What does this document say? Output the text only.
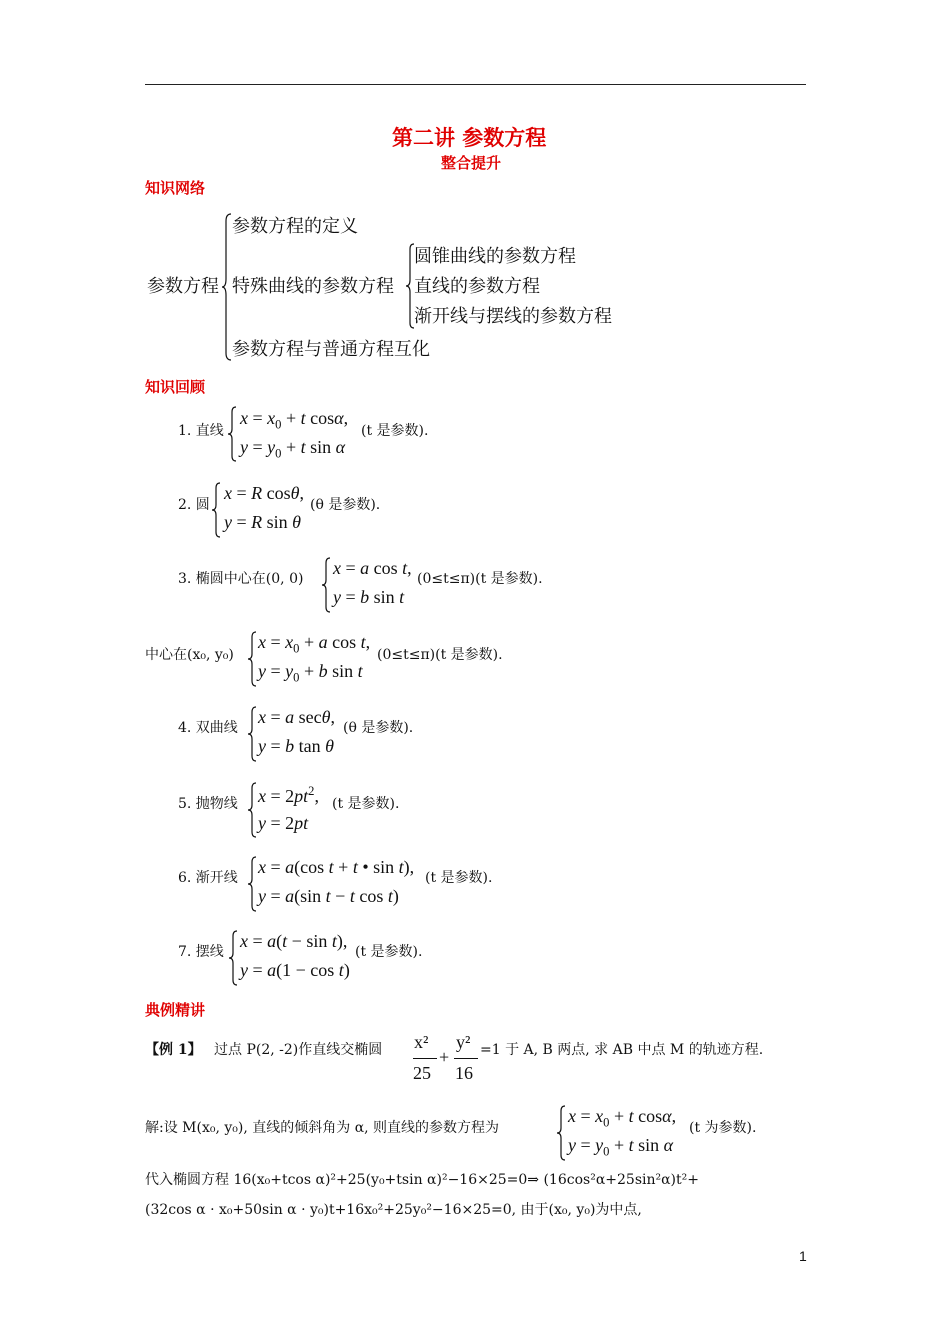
第二讲 参数方程
整合提升
知识网络
参数方程
参数方程的定义
特殊曲线的参数方程
参数方程与普通方程互化
圆锥曲线的参数方程
直线的参数方程
渐开线与摆线的参数方程
知识回顾
1. 直线
$x = x_0 + t$ cosα,
$y = y_0 + t$ sin α
(t 是参数).
2. 圆
x = R cosθ,
y = R sin θ
(θ 是参数).
3. 椭圆中心在(0, 0)
x = a cos t,
y = b sin t
(0≤t≤π)(t 是参数).
中心在(x₀, y₀)
$x = x_0 + a$ cos t,
$y = y_0 + b$ sin t
(0≤t≤π)(t 是参数).
4. 双曲线
x = a secθ,
y = b tan θ
(θ 是参数).
5. 抛物线 $x = 2pt^2$,
y = 2pt
(t 是参数).
6. 渐开线
x = a(cos t + t • sin t),
y = a(sin t − t cos t)
(t 是参数).
7. 摆线
x = a(t − sin t),
y = a(1 − cos t)
(t 是参数).
典例精讲
【例 1】 过点 P(2, -2)作直线交椭圆 x²
25
+
y²
16
=1 于 A, B 两点, 求 AB 中点 M 的轨迹方程.
解:设 M(x₀, y₀), 直线的倾斜角为 α, 则直线的参数方程为
$x = x_0 + t$ cosα,
$y = y_0 + t$ sin α
(t 为参数).
代入椭圆方程 16(x₀+tcos α)²+25(y₀+tsin α)²−16×25=0⇒ (16cos²α+25sin²α)t²+
(32cos α · x₀+50sin α · y₀)t+16x₀²+25y₀²−16×25=0, 由于(x₀, y₀)为中点,
1
